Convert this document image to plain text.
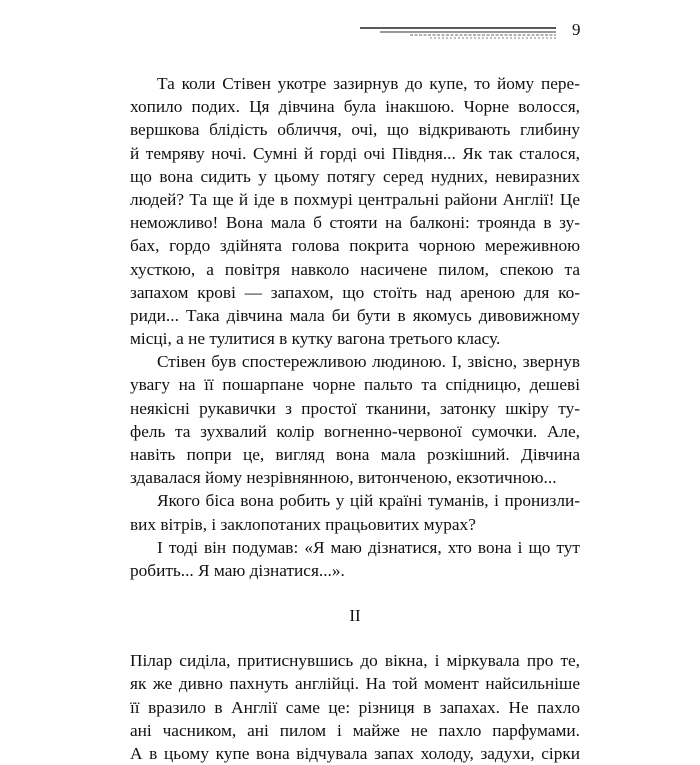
9
Та коли Стівен укотре зазирнув до купе, то йому пере-
хопило подих. Ця дівчина була інакшою. Чорне волосся,
вершкова блідість обличчя, очі, що відкривають глибину
й темряву ночі. Сумні й горді очі Півдня... Як так сталося,
що вона сидить у цьому потягу серед нудних, невиразних
людей? Та ще й іде в похмурі центральні райони Англії! Це
неможливо! Вона мала б стояти на балконі: троянда в зу-
бах, гордо здійнята голова покрита чорною мереживною
хусткою, а повітря навколо насичене пилом, спекою та
запахом крові — запахом, що стоїть над ареною для ко-
риди... Така дівчина мала би бути в якомусь дивовижному
місці, а не тулитися в кутку вагона третього класу.
Стівен був спостережливою людиною. І, звісно, звернув
увагу на її пошарпане чорне пальто та спідницю, дешеві
неякісні рукавички з простої тканини, затонку шкіру ту-
фель та зухвалий колір вогненно-червоної сумочки. Але,
навіть попри це, вигляд вона мала розкішний. Дівчина
здавалася йому незрівнянною, витонченою, екзотичною...
Якого біса вона робить у цій країні туманів, і пронизли-
вих вітрів, і заклопотаних працьовитих мурах?
І тоді він подумав: «Я маю дізнатися, хто вона і що тут
робить... Я маю дізнатися...».
II
Пілар сиділа, притиснувшись до вікна, і міркувала про те,
як же дивно пахнуть англійці. На той момент найсильніше
її вразило в Англії саме це: різниця в запахах. Не пахло
ані часником, ані пилом і майже не пахло парфумами.
А в цьому купе вона відчувала запах холоду, задухи, сірки
